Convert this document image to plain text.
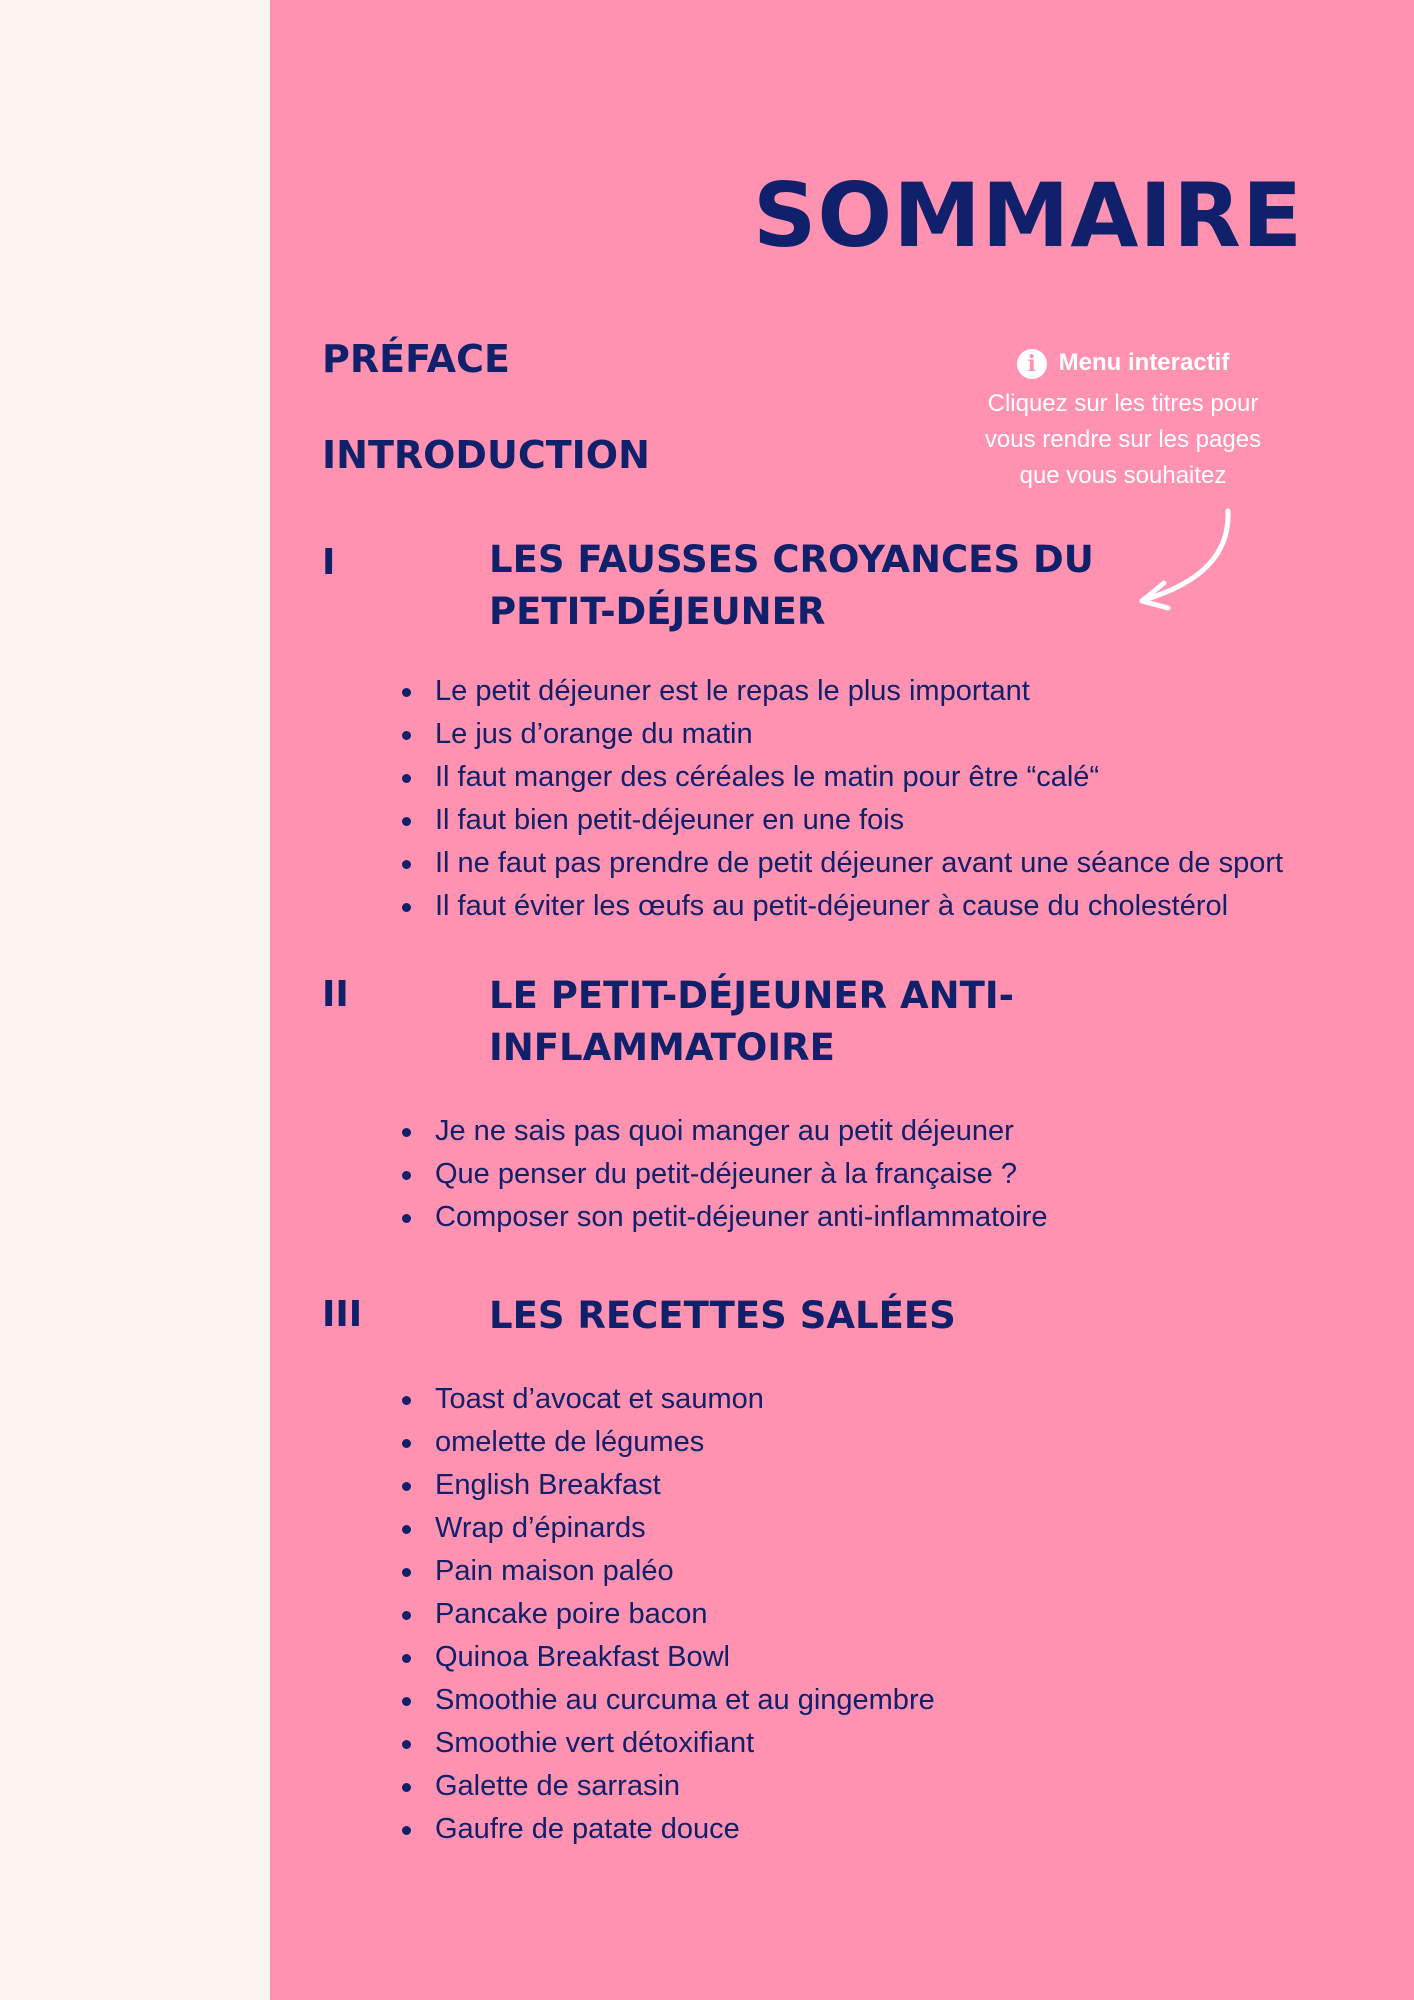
SOMMAIRE
PRÉFACE
INTRODUCTION
i Menu interactif

Cliquez sur les titres pour

vous rendre sur les pages

que vous souhaitez

I	LES FAUSSES CROYANCES DU
PETIT-DÉJEUNER
Le petit déjeuner est le repas le plus important
Le jus d’orange du matin
Il faut manger des céréales le matin pour être “calé“
Il faut bien petit-déjeuner en une fois
Il ne faut pas prendre de petit déjeuner avant une séance de sport
Il faut éviter les œufs au petit-déjeuner à cause du cholestérol
II	LE PETIT-DÉJEUNER ANTI-
INFLAMMATOIRE
Je ne sais pas quoi manger au petit déjeuner
Que penser du petit-déjeuner à la française ?
Composer son petit-déjeuner anti-inflammatoire
III	LES RECETTES SALÉES
Toast d’avocat et saumon
omelette de légumes
English Breakfast
Wrap d’épinards
Pain maison paléo
Pancake poire bacon
Quinoa Breakfast Bowl
Smoothie au curcuma et au gingembre
Smoothie vert détoxifiant
Galette de sarrasin
Gaufre de patate douce
